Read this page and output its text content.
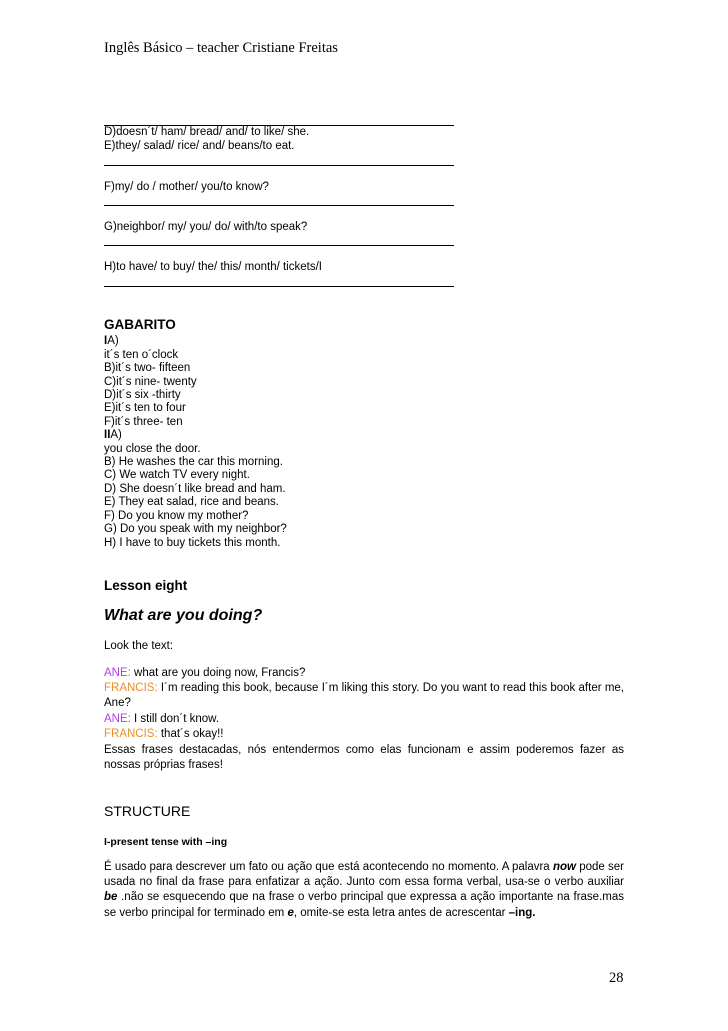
Inglês Básico – teacher Cristiane Freitas
D)doesn´t/ ham/ bread/ and/ to like/ she.
E)they/ salad/ rice/ and/ beans/to eat.
F)my/ do / mother/ you/to know?
G)neighbor/ my/ you/ do/ with/to speak?
H)to have/ to buy/ the/ this/ month/ tickets/I
GABARITO
IA)
it´s ten o´clock
B)it´s two- fifteen
C)it´s nine- twenty
D)it´s six -thirty
E)it´s ten to four
F)it´s three- ten
IIA)
you close the door.
B) He washes the car this morning.
C) We watch TV every night.
D) She doesn´t like bread and ham.
E) They eat salad, rice and beans.
F) Do you know my mother?
G) Do you speak with my neighbor?
H) I have to buy tickets this month.
Lesson eight
What are you doing?
Look the text:

ANE: what are you doing now, Francis?

FRANCIS: I´m reading this book, because I´m liking this story. Do you want to read this book after me, Ane?

ANE: I still don´t know.

FRANCIS: that´s okay!!

Essas frases destacadas, nós entendermos como elas funcionam e assim poderemos fazer as nossas próprias frases!
STRUCTURE
I-present tense with –ing
É usado para descrever um fato ou ação que está acontecendo no momento. A palavra now pode ser usada no final da frase para enfatizar a ação. Junto com essa forma verbal, usa-se o verbo auxiliar be .não se esquecendo que na frase o verbo principal que expressa a ação importante na frase.mas se verbo principal for terminado em e, omite-se esta letra antes de acrescentar –ing.
28
